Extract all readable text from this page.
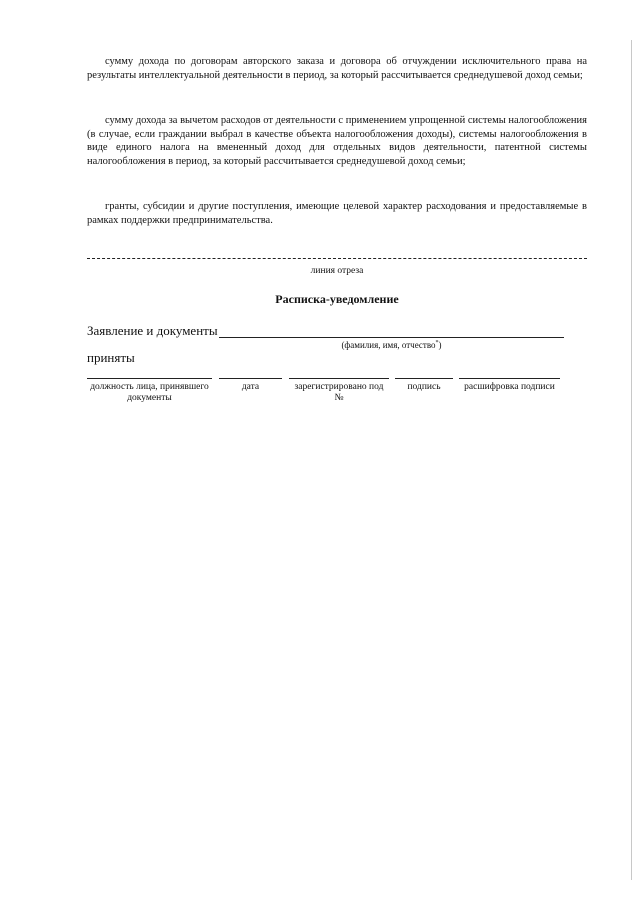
сумму дохода по договорам авторского заказа и договора об отчуждении исключительного права на результаты интеллектуальной деятельности в период, за который рассчитывается среднедушевой доход семьи;

сумму дохода за вычетом расходов от деятельности с применением упрощенной системы налогообложения (в случае, если граждании выбрал в качестве объекта налогообложения доходы), системы налогообложения в виде единого налога на вмененный доход для отдельных видов деятельности, патентной системы налогообложения в период, за который рассчитывается среднедушевой доход семьи;

гранты, субсидии и другие поступления, имеющие целевой характер расходования и предоставляемые в рамках поддержки предпринимательства.

линия отреза
Расписка-уведомление
Заявление и документы
(фамилия, имя, отчество*)
приняты
должность лица, принявшего документы
дата	зарегистрировано под №
подпись	расшифровка подписи
